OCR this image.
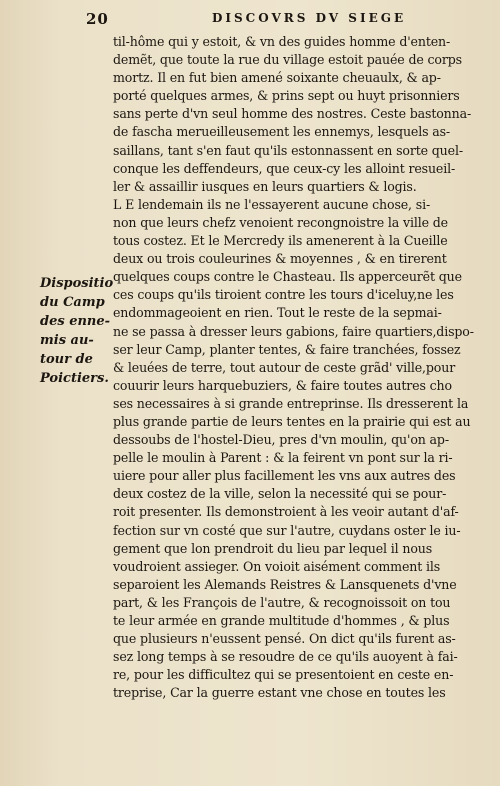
20	DISCOVRS DV SIEGE
til-hôme qui y estoit, & vn des guides homme d'enten-
demẽt, que toute la rue du village estoit pauée de corps
mortz. Il en fut bien amené soixante cheuaulx, & ap-
porté quelques armes, & prins sept ou huyt prisonniers
sans perte d'vn seul homme des nostres. Ceste bastonna-
de fascha merueilleusement les ennemys, lesquels as-
saillans, tant s'en faut qu'ils estonnassent en sorte quel-
conque les deffendeurs, que ceux-cy les alloint resueil-
ler & assaillir iusques en leurs quartiers & logis.
L E lendemain ils ne l'essayerent aucune chose, si-
non que leurs chefz venoient recongnoistre la ville de
tous costez. Et le Mercredy ils amenerent à la Cueille
deux ou trois couleurines & moyennes , & en tirerent
quelques coups contre le Chasteau. Ils apperceurẽt que
ces coups qu'ils tiroient contre les tours d'iceluy,ne les
endommageoient en rien. Tout le reste de la sepmai-
ne se passa à dresser leurs gabions, faire quartiers,dispo-
ser leur Camp, planter tentes, & faire tranchées, fossez
& leuées de terre, tout autour de ceste grãd' ville,pour
couurir leurs harquebuziers, & faire toutes autres cho
ses necessaires à si grande entreprinse. Ils dresserent la
plus grande partie de leurs tentes en la prairie qui est au
dessoubs de l'hostel-Dieu, pres d'vn moulin, qu'on ap-
pelle le moulin à Parent : & la feirent vn pont sur la ri-
uiere pour aller plus facillement les vns aux autres des
deux costez de la ville, selon la necessité qui se pour-
roit presenter. Ils demonstroient à les veoir autant d'af-
fection sur vn costé que sur l'autre, cuydans oster le iu-
gement que lon prendroit du lieu par lequel il nous
voudroient assieger. On voioit aisément comment ils
separoient les Alemands Reistres & Lansquenets d'vne
part, & les François de l'autre, & recognoissoit on tou
te leur armée en grande multitude d'hommes , & plus
que plusieurs n'eussent pensé. On dict qu'ils furent as-
sez long temps à se resoudre de ce qu'ils auoyent à fai-
re, pour les difficultez qui se presentoient en ceste en-
treprise, Car la guerre estant vne chose en toutes les
Dispositio
du Camp
des enne-
mis au-
tour de
Poictiers.
